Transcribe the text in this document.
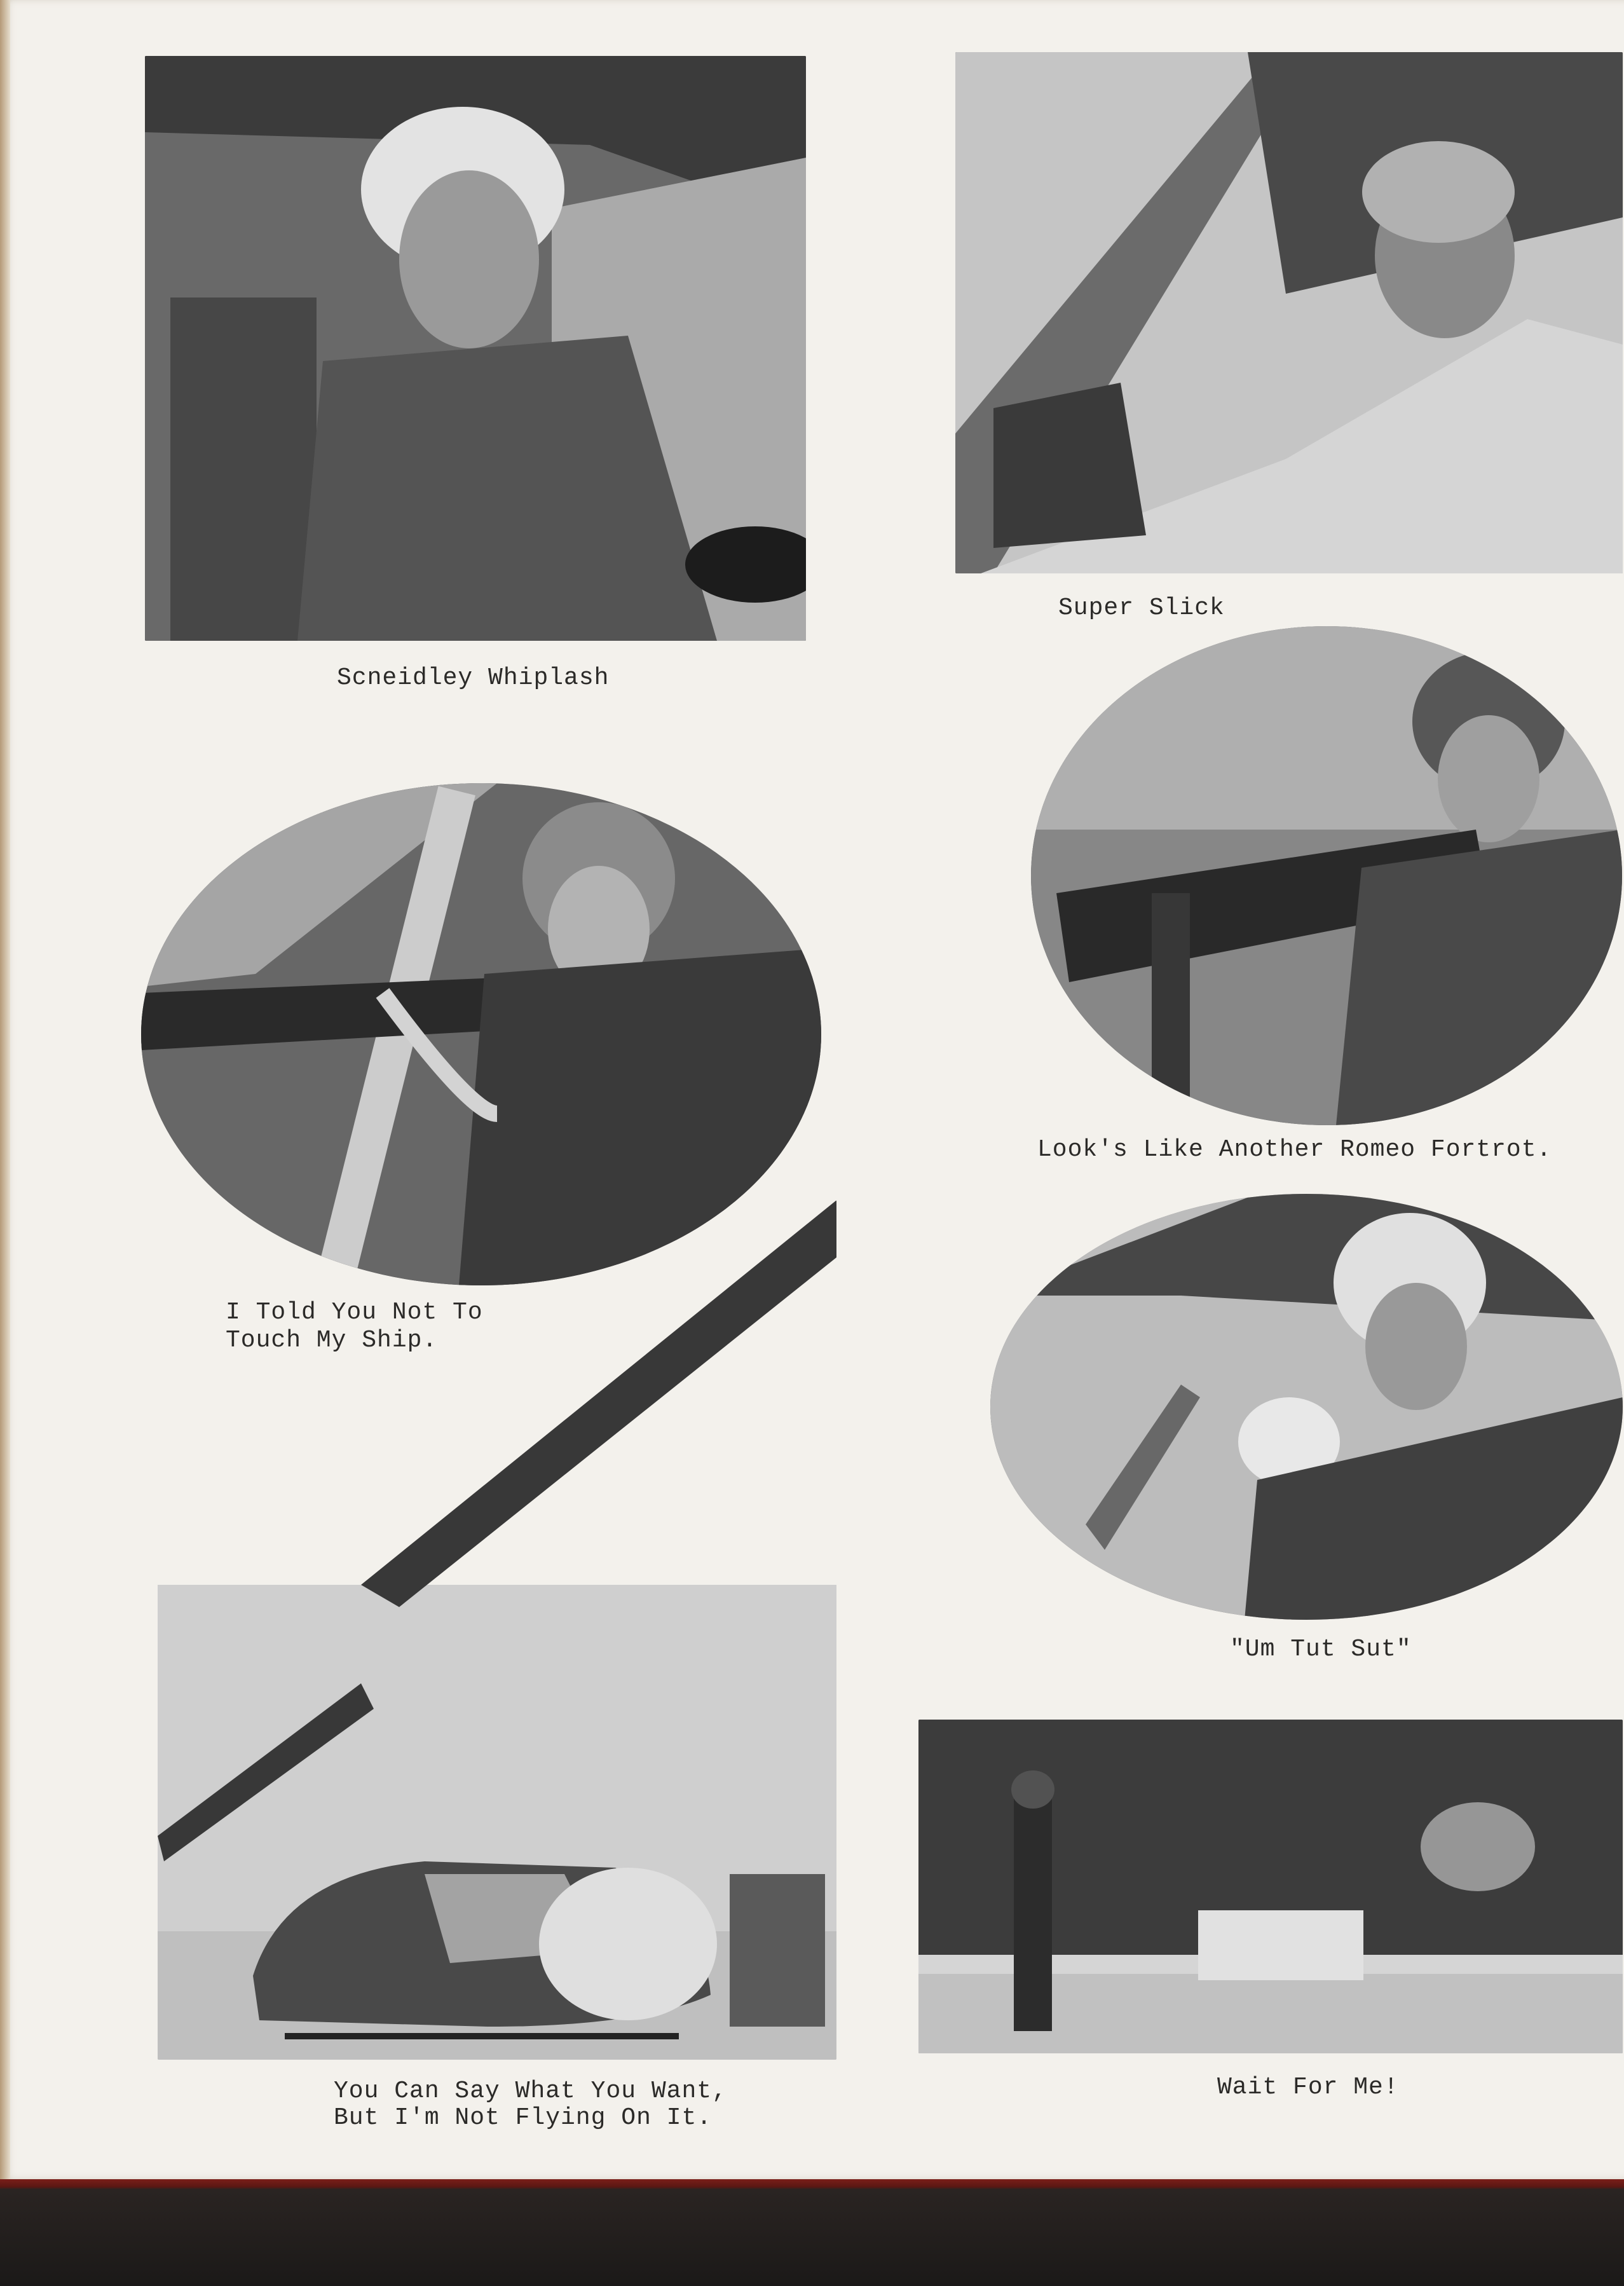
Scneidley Whiplash
Super Slick
Look's Like Another Romeo Fortrot.
I Told You Not To
Touch My Ship.
"Um Tut Sut"
You Can Say What You Want,
But I'm Not Flying On It.
Wait For Me!
